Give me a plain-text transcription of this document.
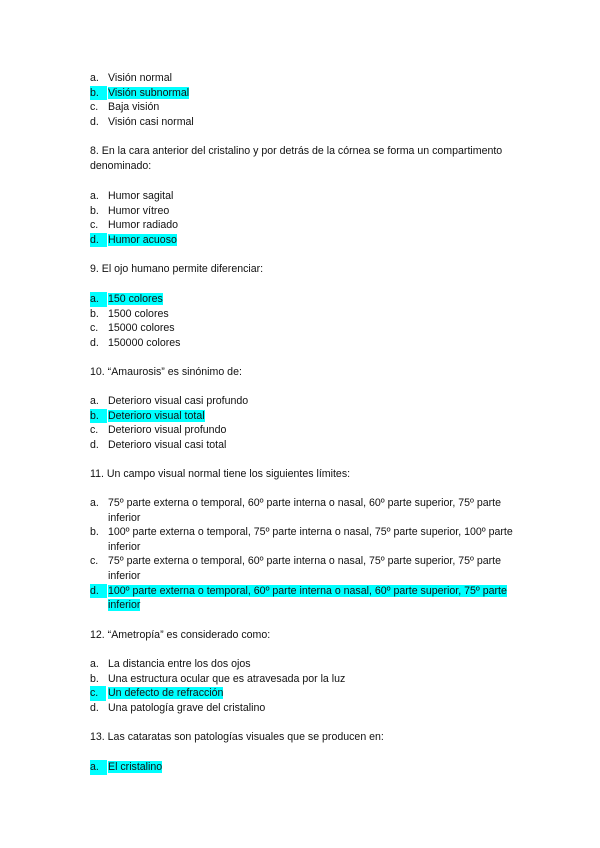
a. Visión normal
b. Visión subnormal
c. Baja visión
d. Visión casi normal

8. En la cara anterior del cristalino y por detrás de la córnea se forma un compartimento denominado:

a. Humor sagital
b. Humor vítreo
c. Humor radiado
d. Humor acuoso

9. El ojo humano permite diferenciar:

a. 150 colores
b. 1500 colores
c. 15000 colores
d. 150000 colores

10. “Amaurosis” es sinónimo de:

a. Deterioro visual casi profundo
b. Deterioro visual total
c. Deterioro visual profundo
d. Deterioro visual casi total

11. Un campo visual normal tiene los siguientes límites:

a. 75º parte externa o temporal, 60º parte interna o nasal, 60º parte superior, 75º parte inferior
b. 100º parte externa o temporal, 75º parte interna o nasal, 75º parte superior, 100º parte inferior
c. 75º parte externa o temporal, 60º parte interna o nasal, 75º parte superior, 75º parte inferior
d. 100º parte externa o temporal, 60º parte interna o nasal, 60º parte superior, 75º parte inferior

12. “Ametropía” es considerado como:

a. La distancia entre los dos ojos
b. Una estructura ocular que es atravesada por la luz
c. Un defecto de refracción
d. Una patología grave del cristalino

13. Las cataratas son patologías visuales que se producen en:

a. El cristalino
